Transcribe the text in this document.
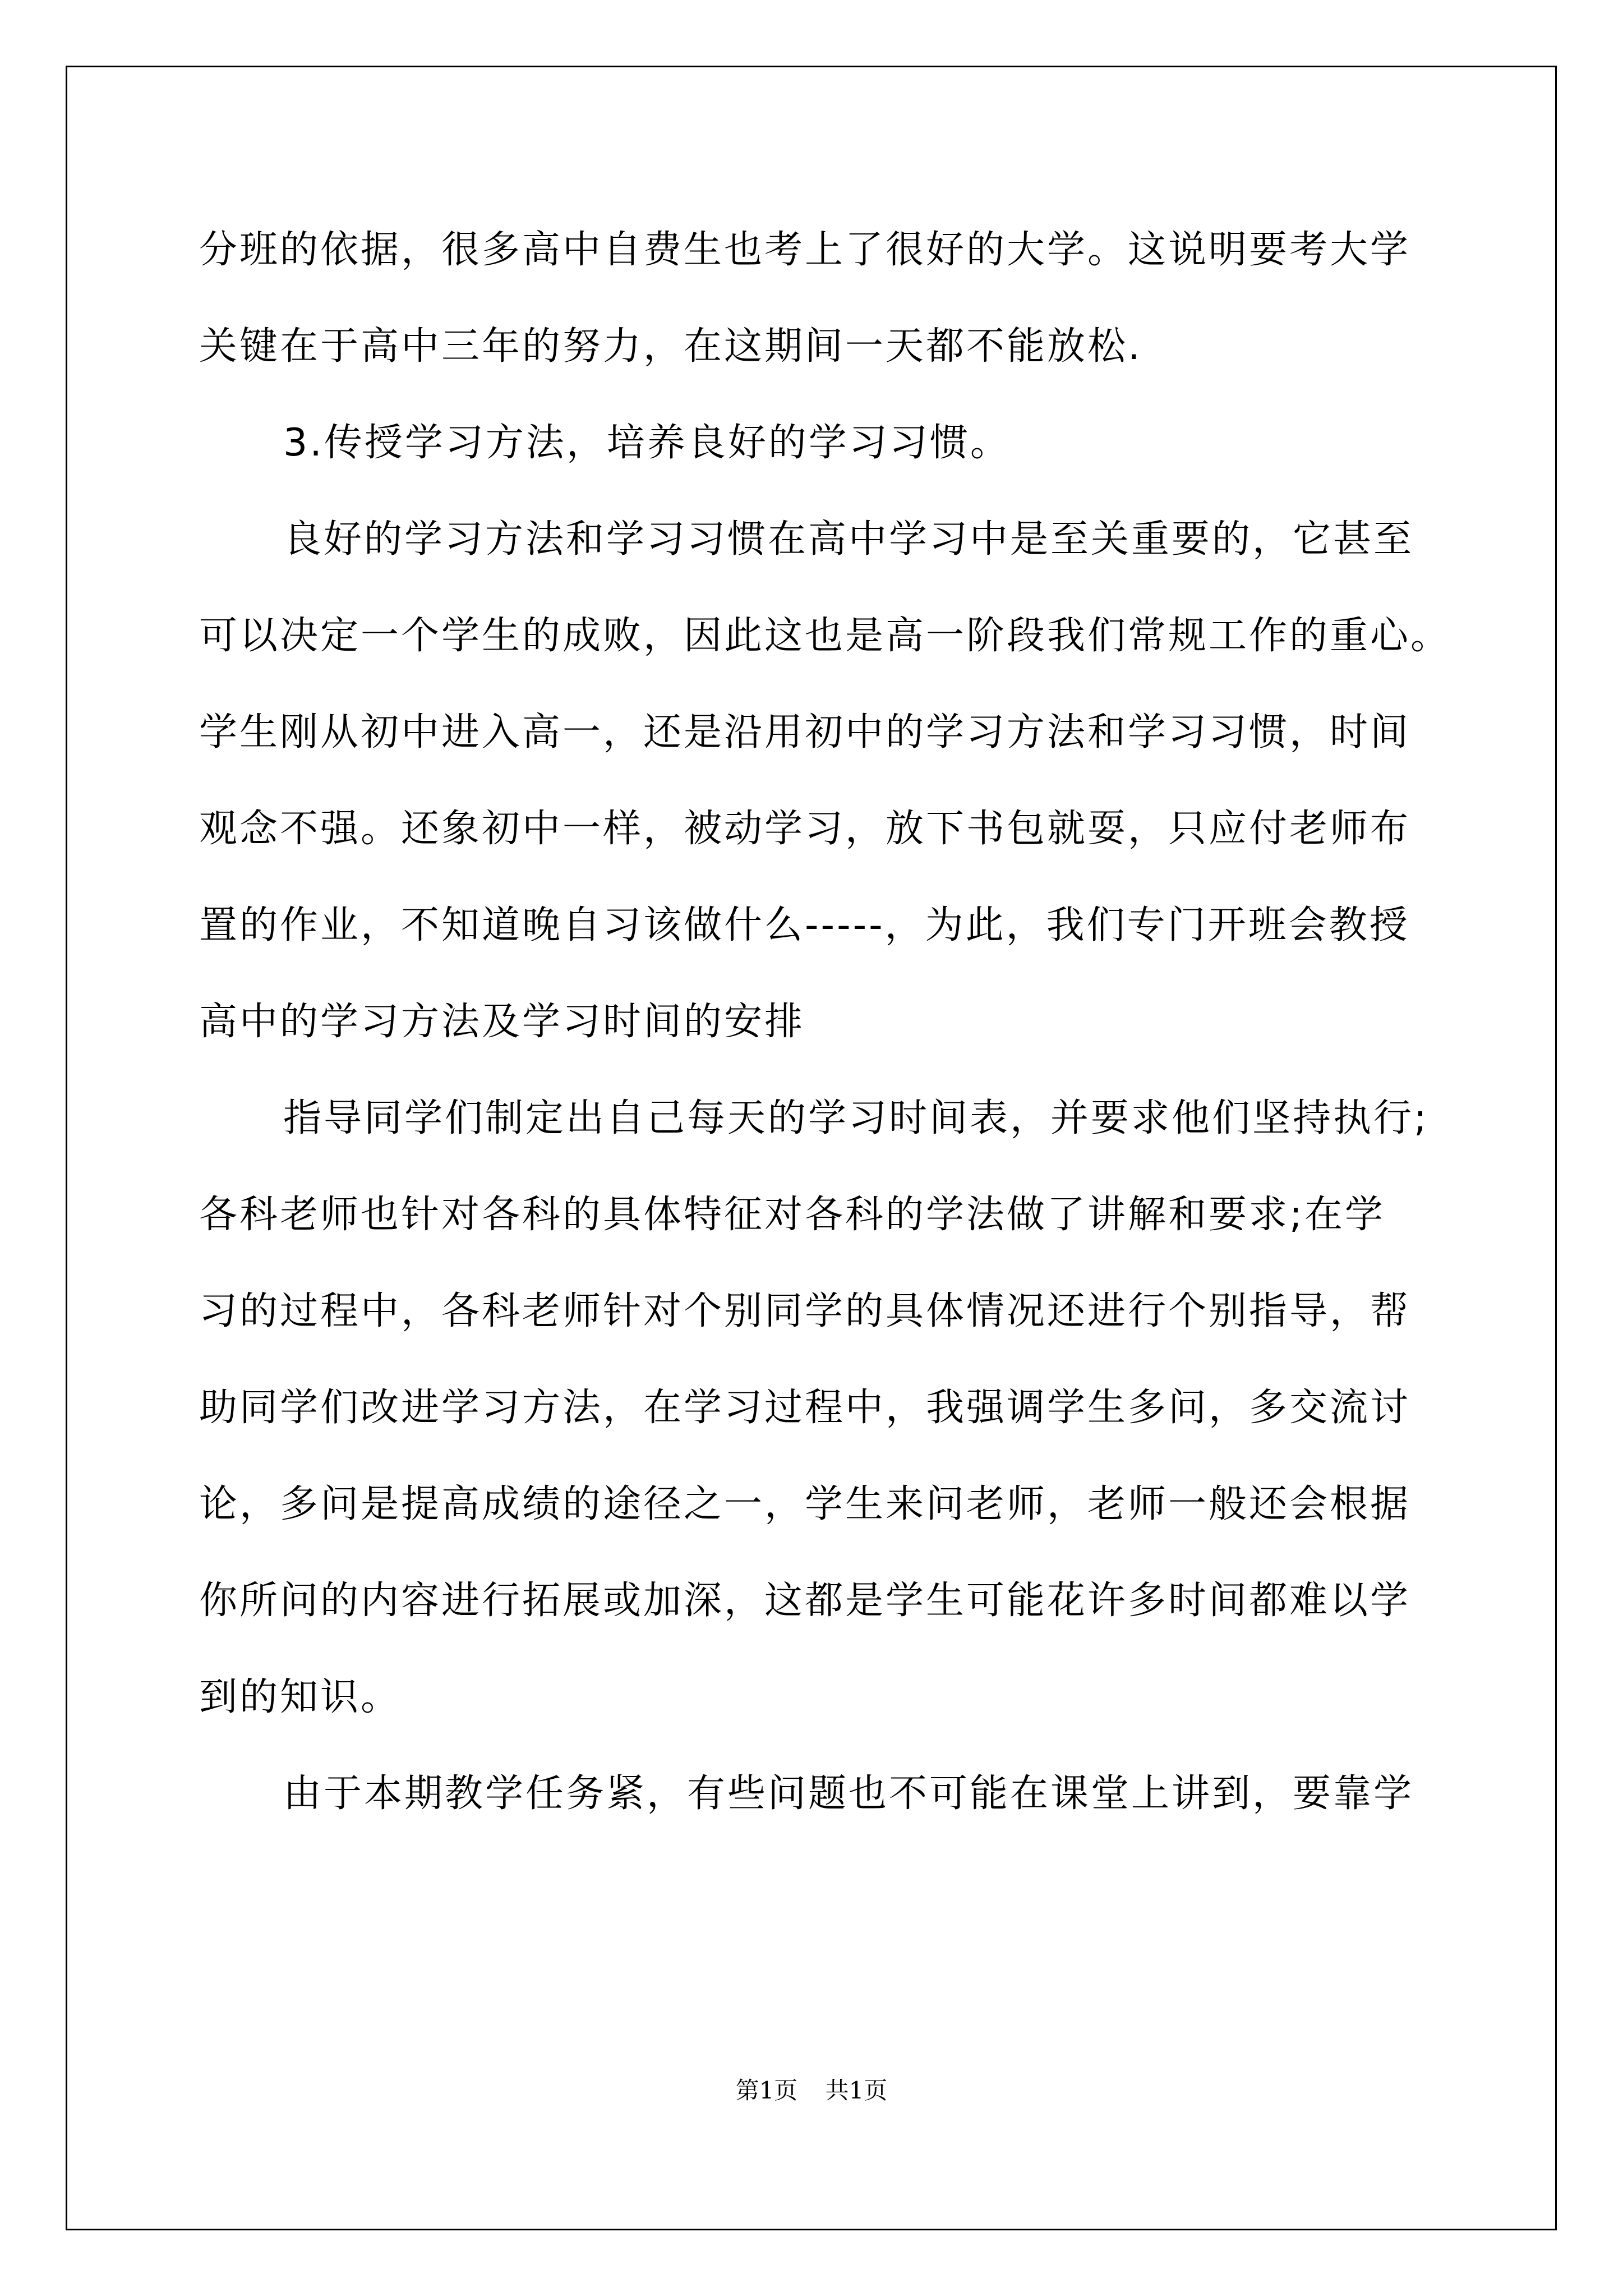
分班的依据，很多高中自费生也考上了很好的大学。这说明要考大学
关键在于高中三年的努力，在这期间一天都不能放松.
3.传授学习方法，培养良好的学习习惯。
良好的学习方法和学习习惯在高中学习中是至关重要的，它甚至
可以决定一个学生的成败，因此这也是高一阶段我们常规工作的重心。
学生刚从初中进入高一，还是沿用初中的学习方法和学习习惯，时间
观念不强。还象初中一样，被动学习，放下书包就耍，只应付老师布
置的作业，不知道晚自习该做什么-----，为此，我们专门开班会教授
高中的学习方法及学习时间的安排
指导同学们制定出自己每天的学习时间表，并要求他们坚持执行;
各科老师也针对各科的具体特征对各科的学法做了讲解和要求;在学
习的过程中，各科老师针对个别同学的具体情况还进行个别指导，帮
助同学们改进学习方法，在学习过程中，我强调学生多问，多交流讨
论，多问是提高成绩的途径之一，学生来问老师，老师一般还会根据
你所问的内容进行拓展或加深，这都是学生可能花许多时间都难以学
到的知识。
由于本期教学任务紧，有些问题也不可能在课堂上讲到，要靠学
第1页 共1页
